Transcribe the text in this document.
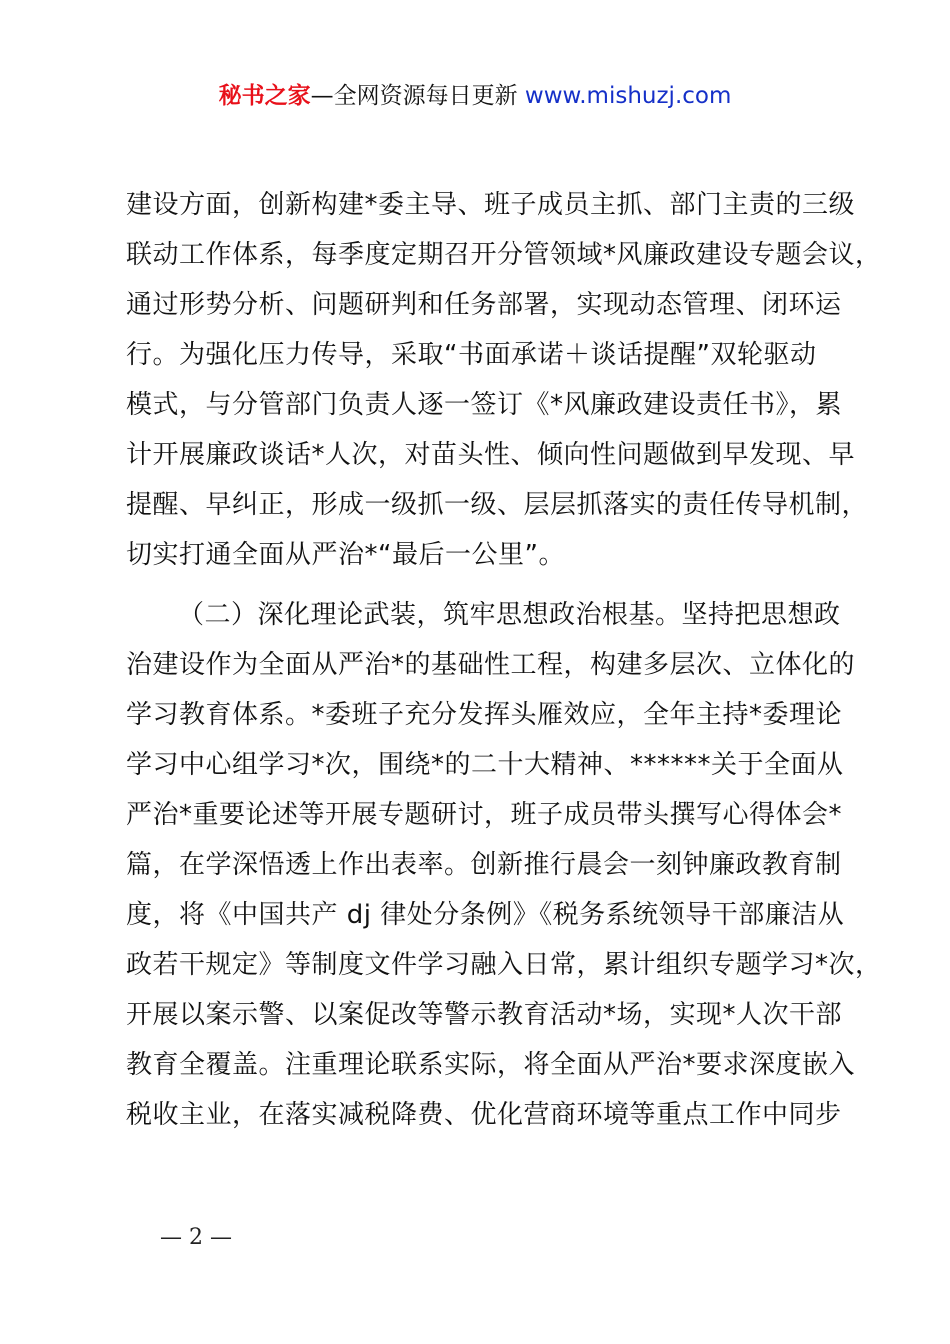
秘书之家—全网资源每日更新 www.mishuzj.com
建设方面，创新构建*委主导、班子成员主抓、部门主责的三级
联动工作体系，每季度定期召开分管领域*风廉政建设专题会议，
通过形势分析、问题研判和任务部署，实现动态管理、闭环运
行。为强化压力传导，采取“书面承诺＋谈话提醒”双轮驱动
模式，与分管部门负责人逐一签订《*风廉政建设责任书》，累
计开展廉政谈话*人次，对苗头性、倾向性问题做到早发现、早
提醒、早纠正，形成一级抓一级、层层抓落实的责任传导机制，
切实打通全面从严治*“最后一公里”。
（二）深化理论武装，筑牢思想政治根基。坚持把思想政
治建设作为全面从严治*的基础性工程，构建多层次、立体化的
学习教育体系。*委班子充分发挥头雁效应，全年主持*委理论
学习中心组学习*次，围绕*的二十大精神、******关于全面从
严治*重要论述等开展专题研讨，班子成员带头撰写心得体会*
篇，在学深悟透上作出表率。创新推行晨会一刻钟廉政教育制
度，将《中国共产 dj 律处分条例》《税务系统领导干部廉洁从
政若干规定》等制度文件学习融入日常，累计组织专题学习*次，
开展以案示警、以案促改等警示教育活动*场，实现*人次干部
教育全覆盖。注重理论联系实际，将全面从严治*要求深度嵌入
税收主业，在落实减税降费、优化营商环境等重点工作中同步
— 2 —
